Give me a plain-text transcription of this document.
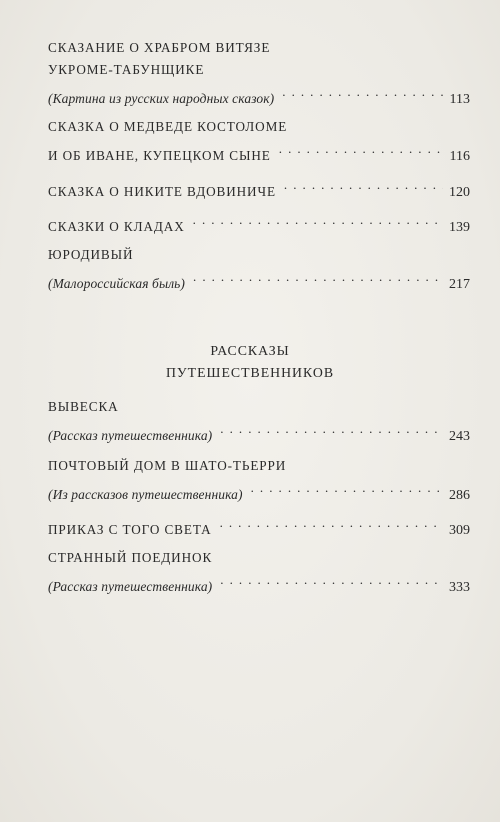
СКАЗАНИЕ О ХРАБРОМ ВИТЯЗЕ
УКРОМЕ-ТАБУНЩИКЕ
(Картина из русских народных сказок) . . .	113
СКАЗКА О МЕДВЕДЕ КОСТОЛОМЕ
И ОБ ИВАНЕ, КУПЕЦКОМ СЫНЕ . . .	116
СКАЗКА О НИКИТЕ ВДОВИНИЧЕ . . .	120
СКАЗКИ О КЛАДАХ . . .	139
ЮРОДИВЫЙ
(Малороссийская быль) . . .	217
РАССКАЗЫ
ПУТЕШЕСТВЕННИКОВ
ВЫВЕСКА
(Рассказ путешественника) . . .	243
ПОЧТОВЫЙ ДОМ В ШАТО-ТЬЕРРИ
(Из рассказов путешественника) . . .	286
ПРИКАЗ С ТОГО СВЕТА . . .	309
СТРАННЫЙ ПОЕДИНОК
(Рассказ путешественника) . . .	333
